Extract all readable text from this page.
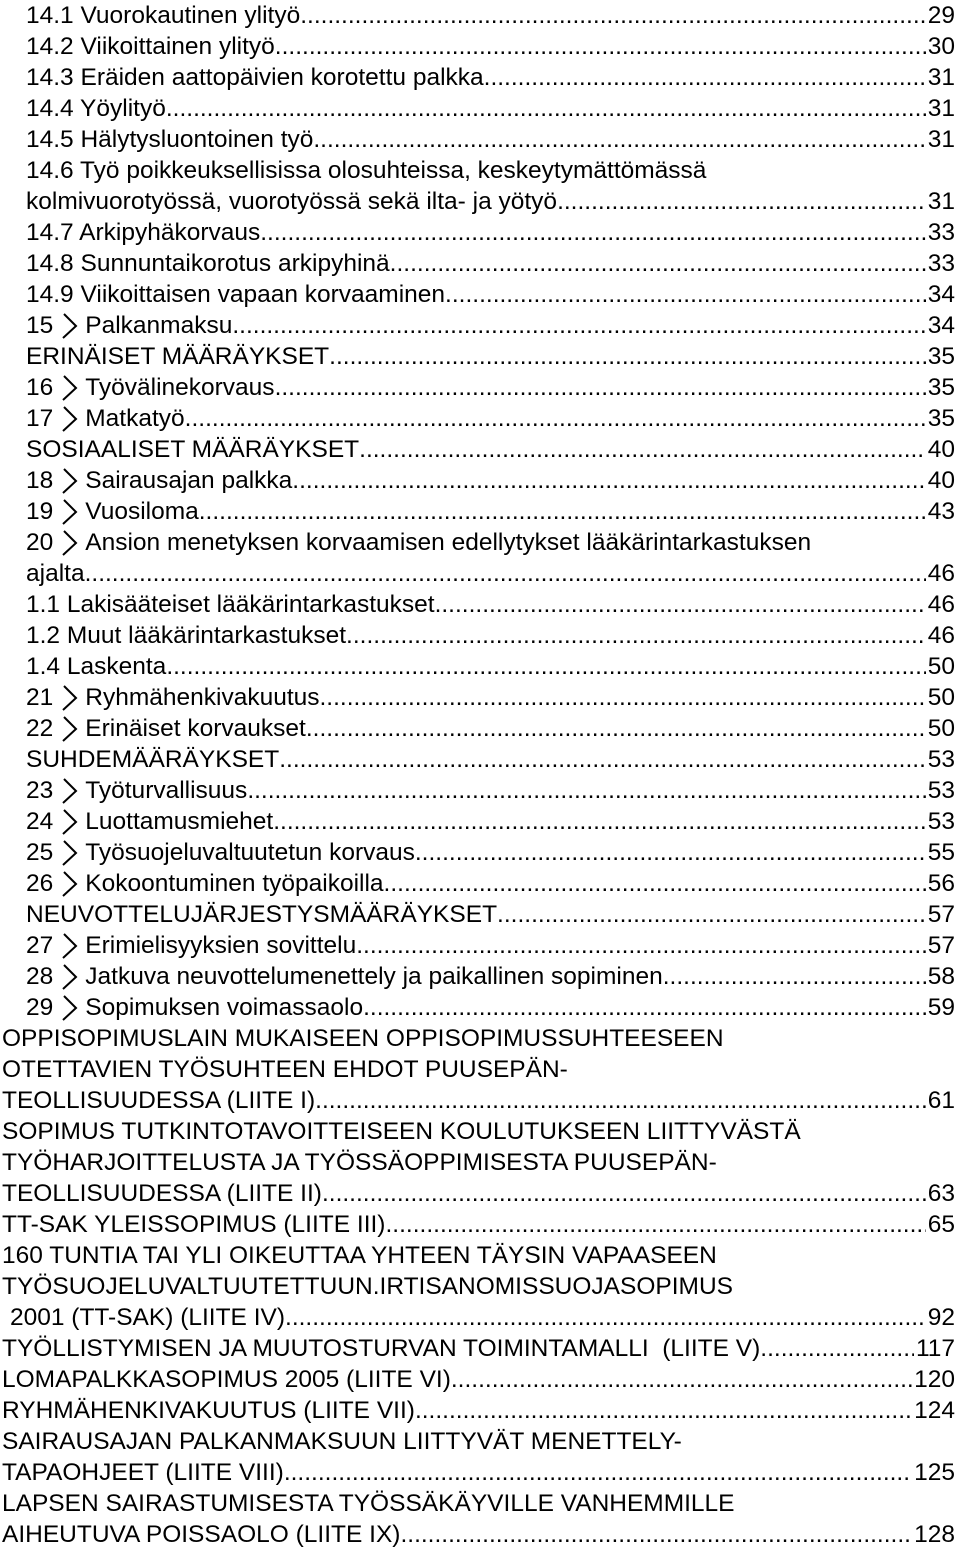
14.1 Vuorokautinen ylityö .....	29
14.2 Viikoittainen ylityö .....	30
14.3 Eräiden aattopäivien korotettu palkka .....	31
14.4 Yöylityö .....	31
14.5 Hälytysluontoinen työ .....	31
14.6 Työ poikkeuksellisissa olosuhteissa, keskeytymättömässä
kolmivuorotyössä, vuorotyössä sekä ilta- ja yötyö .....	31
14.7 Arkipyhäkorvaus .....	33
14.8 Sunnuntaikorotus arkipyhinä .....	33
14.9 Viikoittaisen vapaan korvaaminen .....	34
15 Palkanmaksu .....	34
ERINÄISET MÄÄRÄYKSET .....	35
16 Työvälinekorvaus .....	35
17 Matkatyö .....	35
SOSIAALISET MÄÄRÄYKSET .....	40
18 Sairausajan palkka .....	40
19 Vuosiloma .....	43
20 Ansion menetyksen korvaamisen edellytykset lääkärintarkastuksen
ajalta .....	46
1.1 Lakisääteiset lääkärintarkastukset .....	46
1.2 Muut lääkärintarkastukset .....	46
1.4 Laskenta .....	50
21 Ryhmähenkivakuutus .....	50
22 Erinäiset korvaukset .....	50
SUHDEMÄÄRÄYKSET .....	53
23 Työturvallisuus .....	53
24 Luottamusmiehet .....	53
25 Työsuojeluvaltuutetun korvaus .....	55
26 Kokoontuminen työpaikoilla .....	56
NEUVOTTELUJÄRJESTYSMÄÄRÄYKSET .....	57
27 Erimielisyyksien sovittelu .....	57
28 Jatkuva neuvottelumenettely ja paikallinen sopiminen .....	58
29 Sopimuksen voimassaolo .....	59
OPPISOPIMUSLAIN MUKAISEEN OPPISOPIMUSSUHTEESEEN
OTETTAVIEN TYÖSUHTEEN EHDOT PUUSEPÄN-
TEOLLISUUDESSA (LIITE I) .....	61
SOPIMUS TUTKINTOTAVOITTEISEEN KOULUTUKSEEN LIITTYVÄSTÄ
TYÖHARJOITTELUSTA JA TYÖSSÄOPPIMISESTA PUUSEPÄN-
TEOLLISUUDESSA (LIITE II) .....	63
TT-SAK YLEISSOPIMUS (LIITE III) .....	65
160 TUNTIA TAI YLI OIKEUTTAA YHTEEN TÄYSIN VAPAASEEN
TYÖSUOJELUVALTUUTETTUUN.IRTISANOMISSUOJASOPIMUS
2001 (TT-SAK) (LIITE IV) .....	92
TYÖLLISTYMISEN JA MUUTOSTURVAN TOIMINTAMALLI  (LIITE V) .....	117
LOMAPALKKASOPIMUS 2005 (LIITE VI) .....	120
RYHMÄHENKIVAKUUTUS (LIITE VII) .....	124
SAIRAUSAJAN PALKANMAKSUUN LIITTYVÄT MENETTELY-
TAPAOHJEET (LIITE VIII) .....	125
LAPSEN SAIRASTUMISESTA TYÖSSÄKÄYVILLE VANHEMMILLE
AIHEUTUVA POISSAOLO (LIITE IX) .....	128
